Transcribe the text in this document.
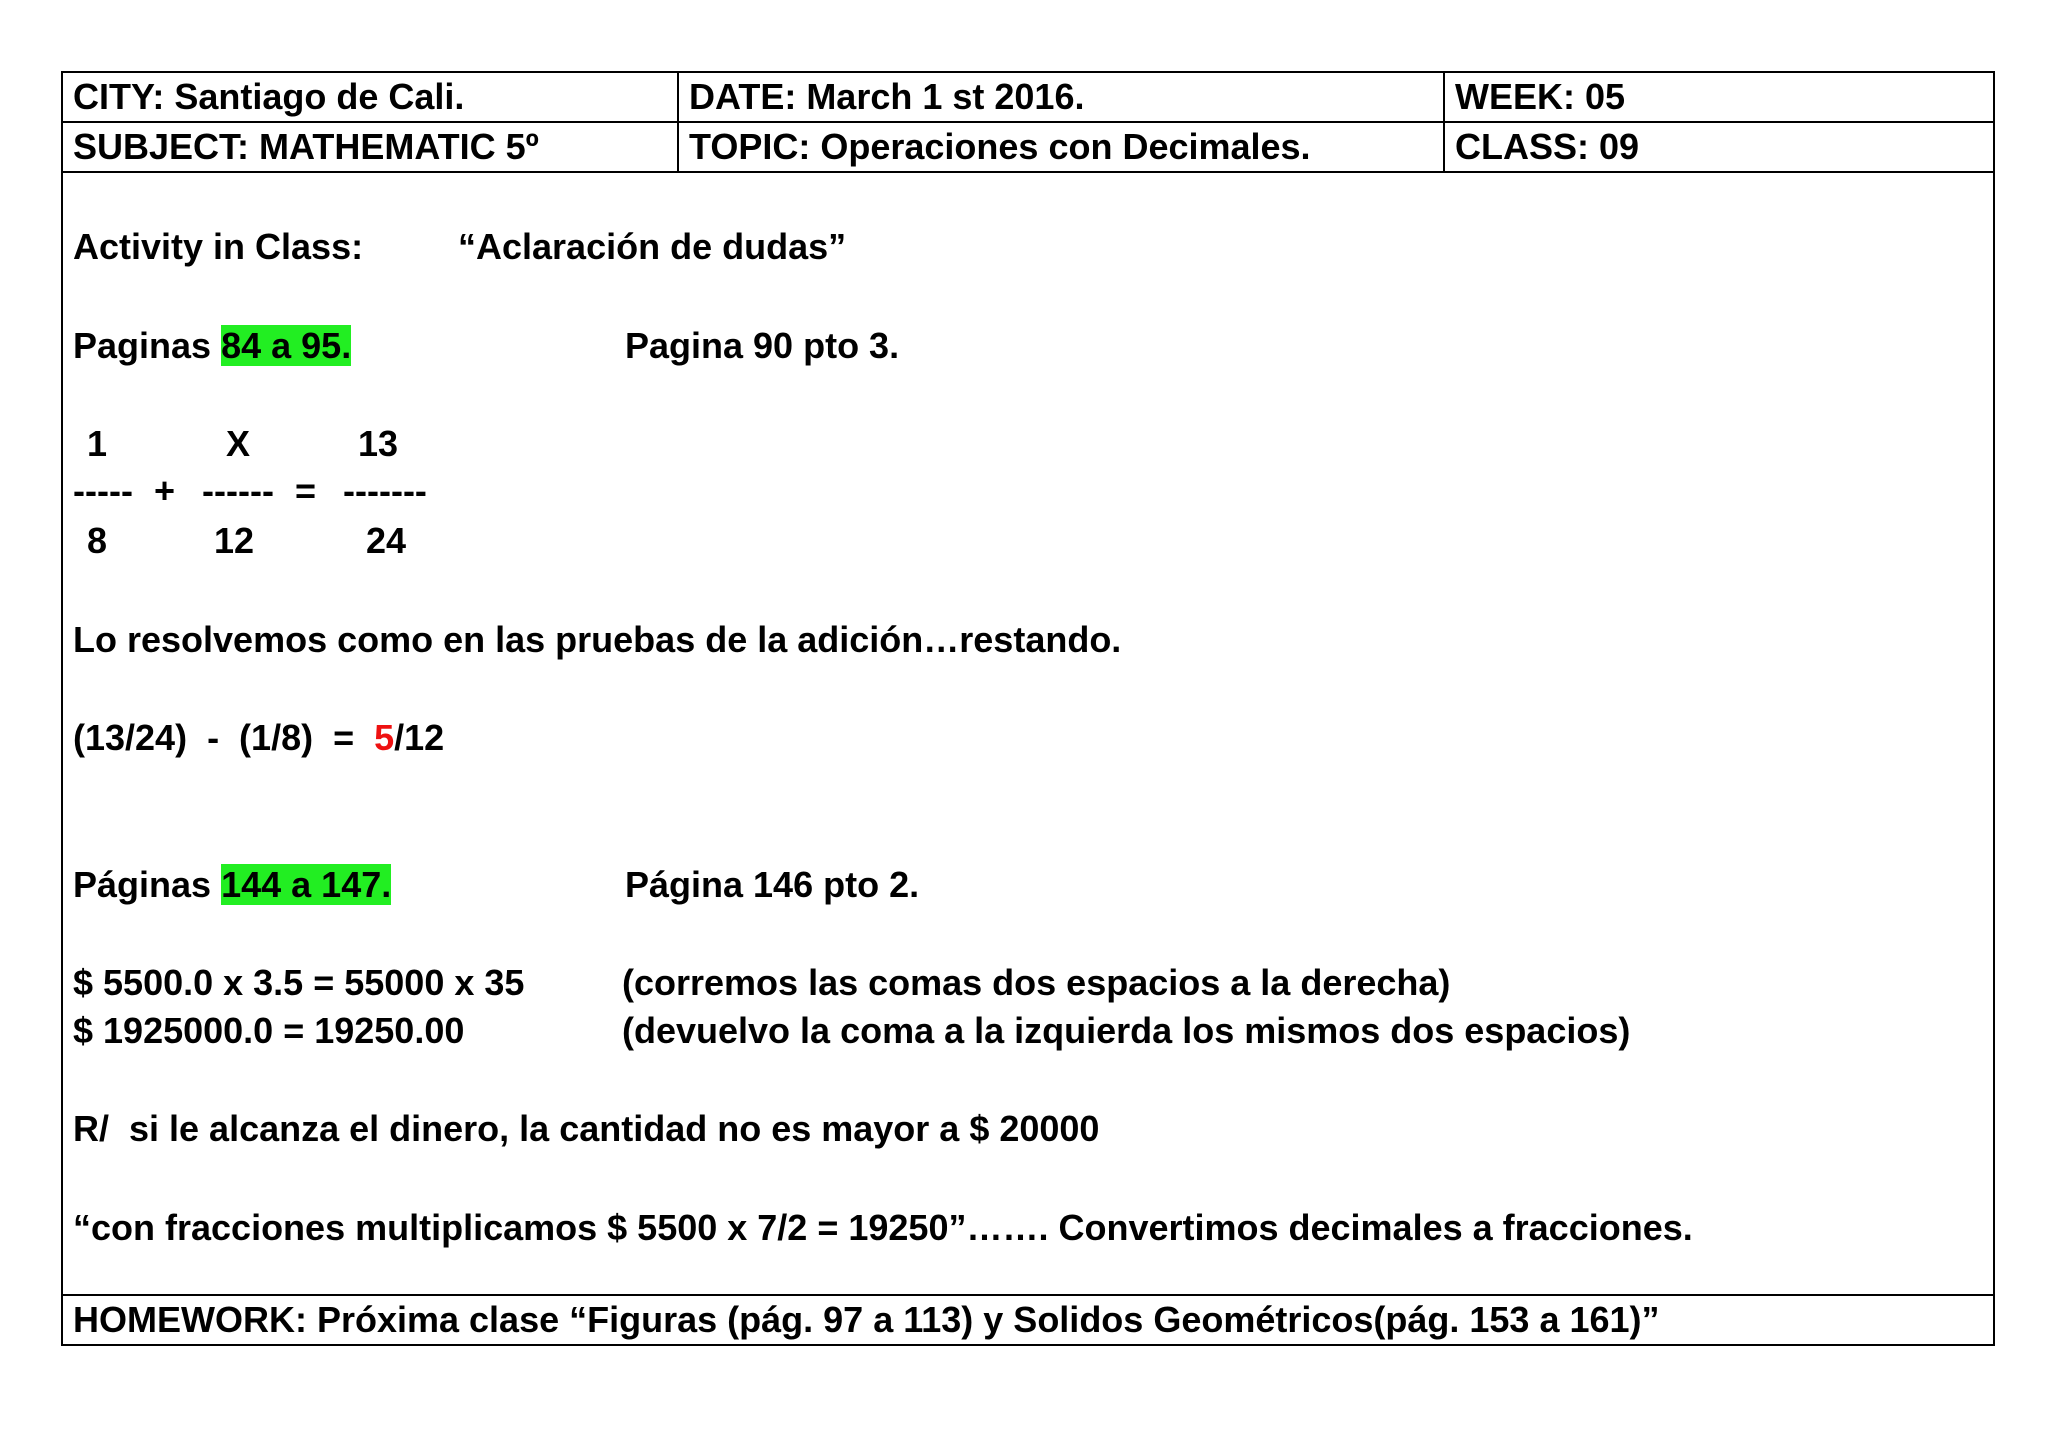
CITY: Santiago de Cali.	DATE: March 1 st 2016.	WEEK: 05
SUBJECT: MATHEMATIC 5º	TOPIC: Operaciones con Decimales.	CLASS: 09
Activity in Class:	“Aclaración de dudas”
Paginas 84 a 95.	Pagina 90 pto 3.
1	X	13
----- + ------ = -------
8	12	24
Lo resolvemos como en las pruebas de la adición…restando.
(13/24)  -  (1/8)  =  5/12
Páginas 144 a 147.	Página 146 pto 2.
$ 5500.0 x 3.5 = 55000 x 35	(corremos las comas dos espacios a la derecha)
$ 1925000.0 = 19250.00	(devuelvo la coma a la izquierda los mismos dos espacios)
R/  si le alcanza el dinero, la cantidad no es mayor a $ 20000
“con fracciones multiplicamos $ 5500 x 7/2 = 19250”……. Convertimos decimales a fracciones.
HOMEWORK: Próxima clase “Figuras (pág. 97 a 113) y Solidos Geométricos(pág. 153 a 161)”
